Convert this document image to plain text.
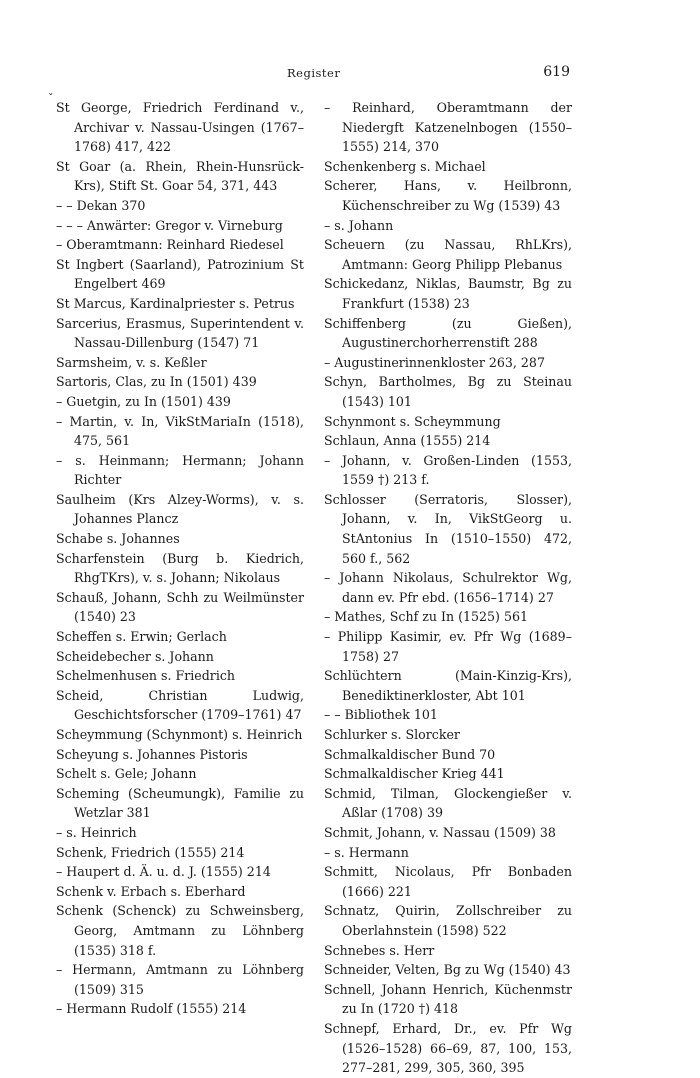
Register	619
ˇ
St George, Friedrich Ferdinand v., Archivar v. Nassau-Usingen (1767–1768) 417, 422
St Goar (a. Rhein, Rhein-Hunsrück-Krs), Stift St. Goar 54, 371, 443
– – Dekan 370
– – – Anwärter: Gregor v. Virneburg
– Oberamtmann: Reinhard Riedesel
St Ingbert (Saarland), Patrozinium St Engelbert 469
St Marcus, Kardinalpriester s. Petrus
Sarcerius, Erasmus, Superintendent v. Nassau-Dillenburg (1547) 71
Sarmsheim, v. s. Keßler
Sartoris, Clas, zu In (1501) 439
– Guetgin, zu In (1501) 439
– Martin, v. In, VikStMariaIn (1518), 475, 561
– s. Heinmann; Hermann; Johann Richter
Saulheim (Krs Alzey-Worms), v. s. Johannes Plancz
Schabe s. Johannes
Scharfenstein (Burg b. Kiedrich, RhgTKrs), v. s. Johann; Nikolaus
Schauß, Johann, Schh zu Weilmünster (1540) 23
Scheffen s. Erwin; Gerlach
Scheidebecher s. Johann
Schelmenhusen s. Friedrich
Scheid, Christian Ludwig, Geschichtsforscher (1709–1761) 47
Scheymmung (Schynmont) s. Heinrich
Scheyung s. Johannes Pistoris
Schelt s. Gele; Johann
Scheming (Scheumungk), Familie zu Wetzlar 381
– s. Heinrich
Schenk, Friedrich (1555) 214
– Haupert d. Ä. u. d. J. (1555) 214
Schenk v. Erbach s. Eberhard
Schenk (Schenck) zu Schweinsberg, Georg, Amtmann zu Löhnberg (1535) 318 f.
– Hermann, Amtmann zu Löhnberg (1509) 315
– Hermann Rudolf (1555) 214
– Reinhard, Oberamtmann der Niedergft Katzenelnbogen (1550–1555) 214, 370
Schenkenberg s. Michael
Scherer, Hans, v. Heilbronn, Küchenschreiber zu Wg (1539) 43
– s. Johann
Scheuern (zu Nassau, RhLKrs), Amtmann: Georg Philipp Plebanus
Schickedanz, Niklas, Baumstr, Bg zu Frankfurt (1538) 23
Schiffenberg (zu Gießen), Augustinerchorherrenstift 288
– Augustinerinnenkloster 263, 287
Schyn, Bartholmes, Bg zu Steinau (1543) 101
Schynmont s. Scheymmung
Schlaun, Anna (1555) 214
– Johann, v. Großen-Linden (1553, 1559 †) 213 f.
Schlosser (Serratoris, Slosser), Johann, v. In, VikStGeorg u. StAntonius In (1510–1550) 472, 560 f., 562
– Johann Nikolaus, Schulrektor Wg, dann ev. Pfr ebd. (1656–1714) 27
– Mathes, Schf zu In (1525) 561
– Philipp Kasimir, ev. Pfr Wg (1689–1758) 27
Schlüchtern (Main-Kinzig-Krs), Benediktinerkloster, Abt 101
– – Bibliothek 101
Schlurker s. Slorcker
Schmalkaldischer Bund 70
Schmalkaldischer Krieg 441
Schmid, Tilman, Glockengießer v. Aßlar (1708) 39
Schmit, Johann, v. Nassau (1509) 38
– s. Hermann
Schmitt, Nicolaus, Pfr Bonbaden (1666) 221
Schnatz, Quirin, Zollschreiber zu Oberlahnstein (1598) 522
Schnebes s. Herr
Schneider, Velten, Bg zu Wg (1540) 43
Schnell, Johann Henrich, Küchenmstr zu In (1720 †) 418
Schnepf, Erhard, Dr., ev. Pfr Wg (1526–1528) 66–69, 87, 100, 153, 277–281, 299, 305, 360, 395
